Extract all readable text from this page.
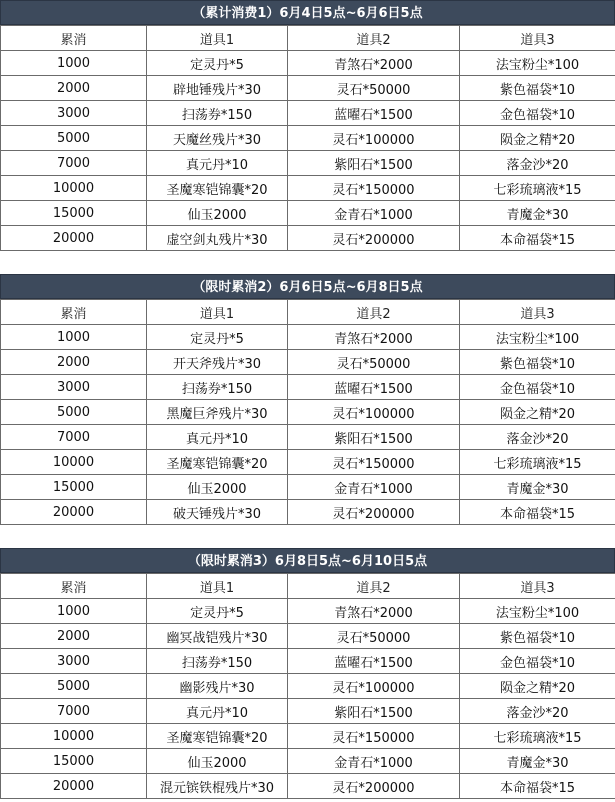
（累计消费1）6月4日5点~6月6日5点
累消	道具1	道具2	道具3
1000	定灵丹*5	青煞石*2000	法宝粉尘*100
2000	辟地锤残片*30	灵石*50000	紫色福袋*10
3000	扫荡券*150	蓝曜石*1500	金色福袋*10
5000	天魔丝残片*30	灵石*100000	陨金之精*20
7000	真元丹*10	紫阳石*1500	落金沙*20
10000	圣魔寒铠锦囊*20	灵石*150000	七彩琉璃液*15
15000	仙玉2000	金青石*1000	青魔金*30
20000	虚空剑丸残片*30	灵石*200000	本命福袋*15
（限时累消2）6月6日5点~6月8日5点
累消	道具1	道具2	道具3
1000	定灵丹*5	青煞石*2000	法宝粉尘*100
2000	开天斧残片*30	灵石*50000	紫色福袋*10
3000	扫荡券*150	蓝曜石*1500	金色福袋*10
5000	黑魔巨斧残片*30	灵石*100000	陨金之精*20
7000	真元丹*10	紫阳石*1500	落金沙*20
10000	圣魔寒铠锦囊*20	灵石*150000	七彩琉璃液*15
15000	仙玉2000	金青石*1000	青魔金*30
20000	破天锤残片*30	灵石*200000	本命福袋*15
（限时累消3）6月8日5点~6月10日5点
累消	道具1	道具2	道具3
1000	定灵丹*5	青煞石*2000	法宝粉尘*100
2000	幽冥战铠残片*30	灵石*50000	紫色福袋*10
3000	扫荡券*150	蓝曜石*1500	金色福袋*10
5000	幽影残片*30	灵石*100000	陨金之精*20
7000	真元丹*10	紫阳石*1500	落金沙*20
10000	圣魔寒铠锦囊*20	灵石*150000	七彩琉璃液*15
15000	仙玉2000	金青石*1000	青魔金*30
20000	混元镔铁棍残片*30	灵石*200000	本命福袋*15
